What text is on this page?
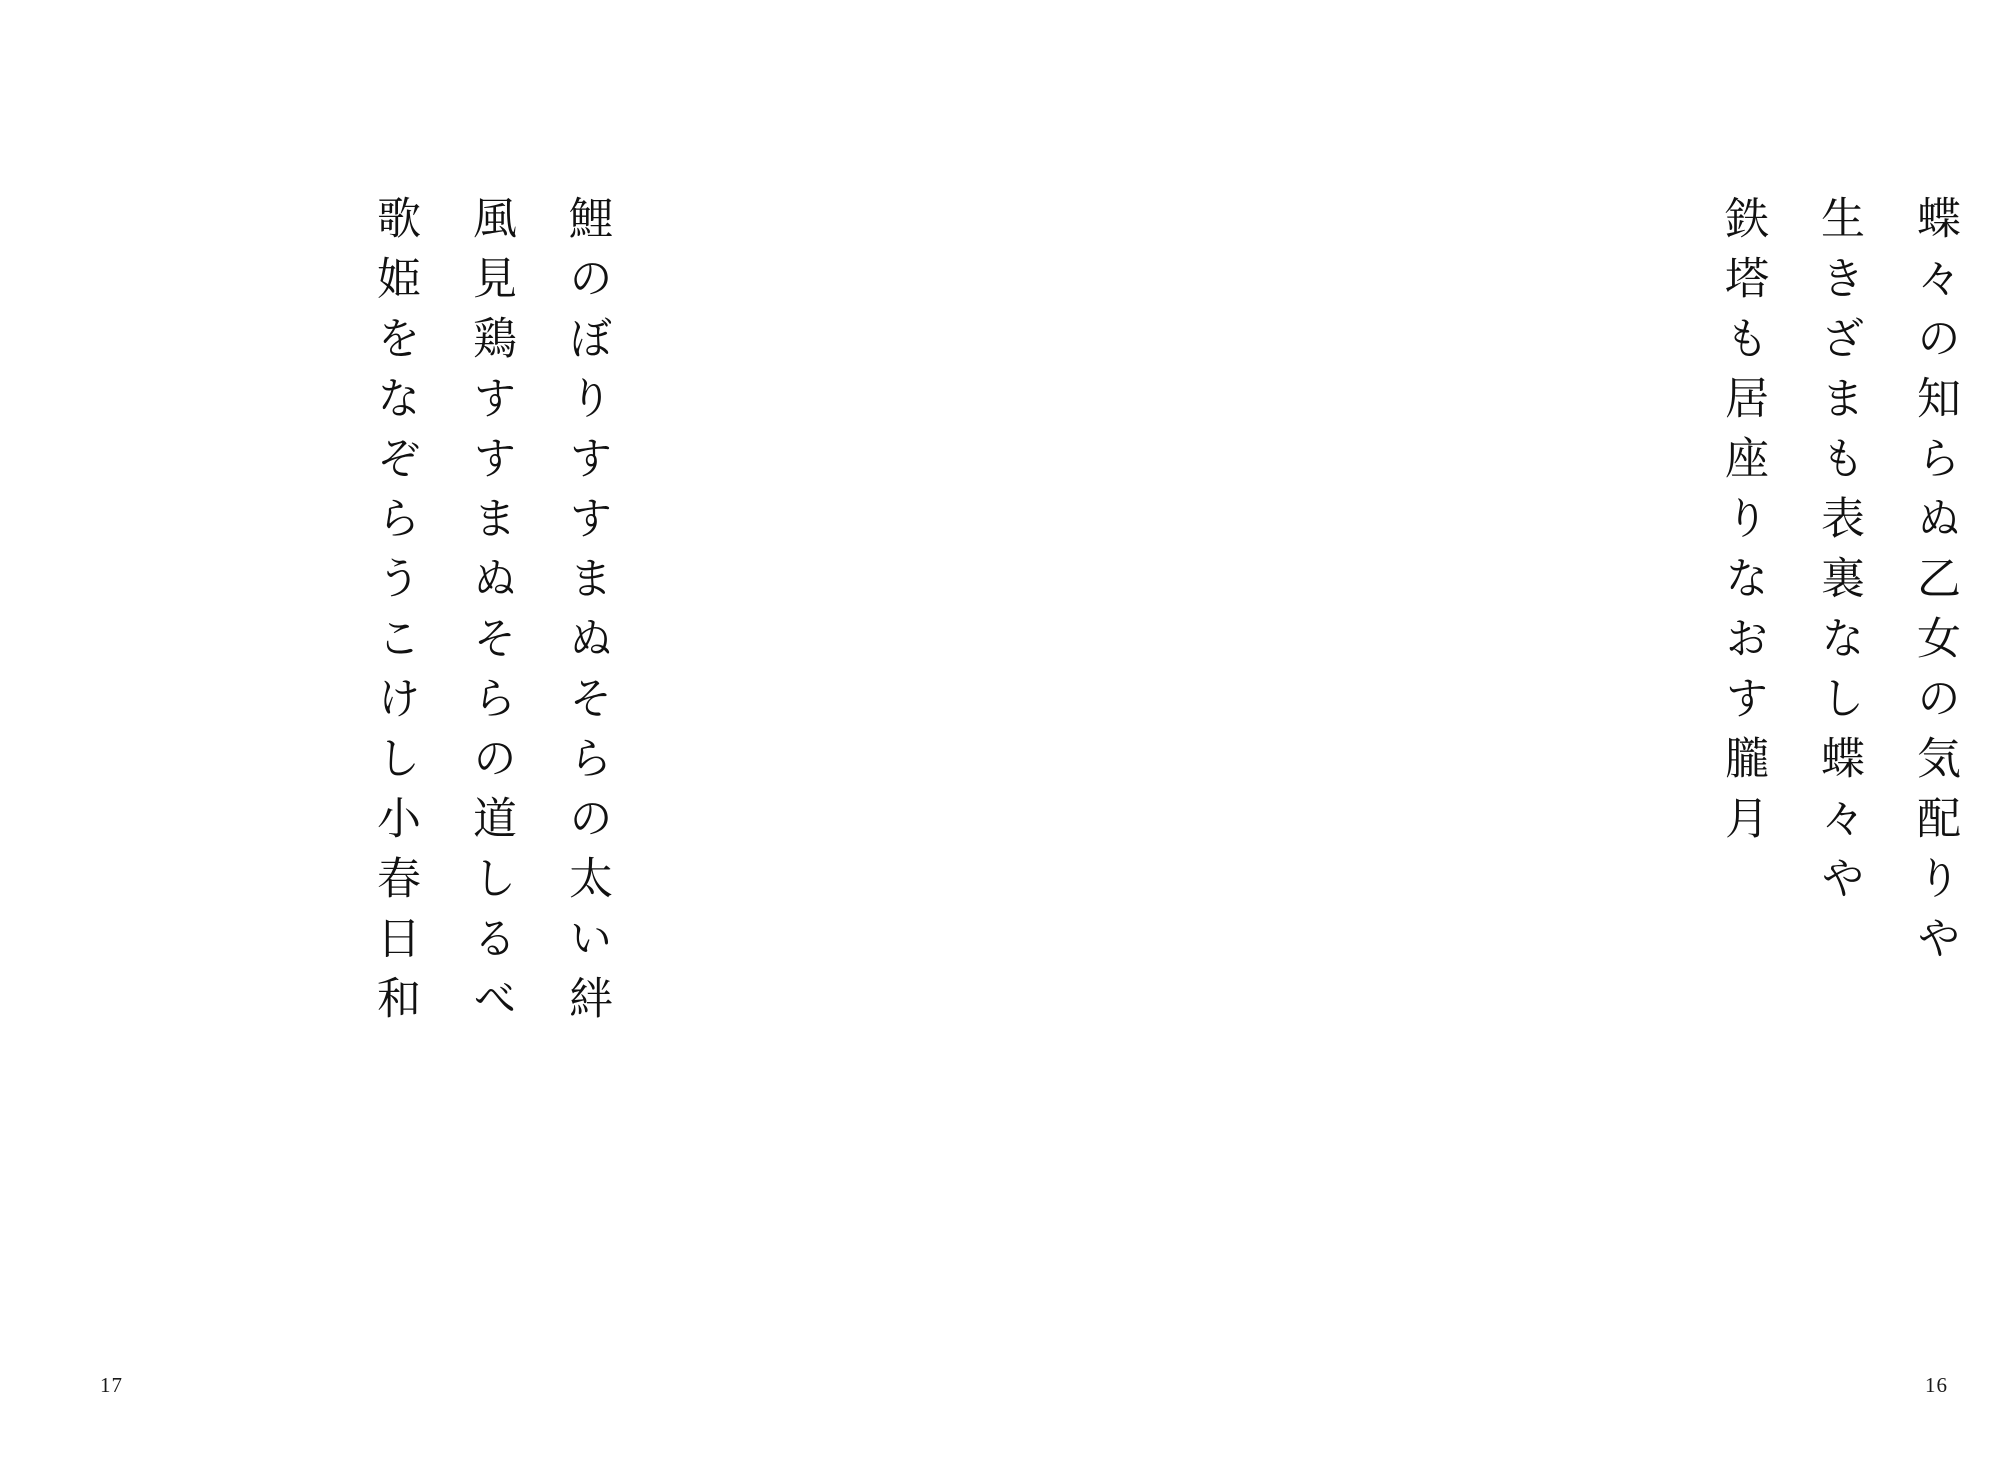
蝶々の知らぬ乙女の気配りや
生きざまも表裏なし蝶々や
鉄塔も居座りなおす朧月
16
鯉のぼりすすまぬそらの太い絆
風見鶏すすまぬそらの道しるべ
歌姫をなぞらうこけし小春日和
17
